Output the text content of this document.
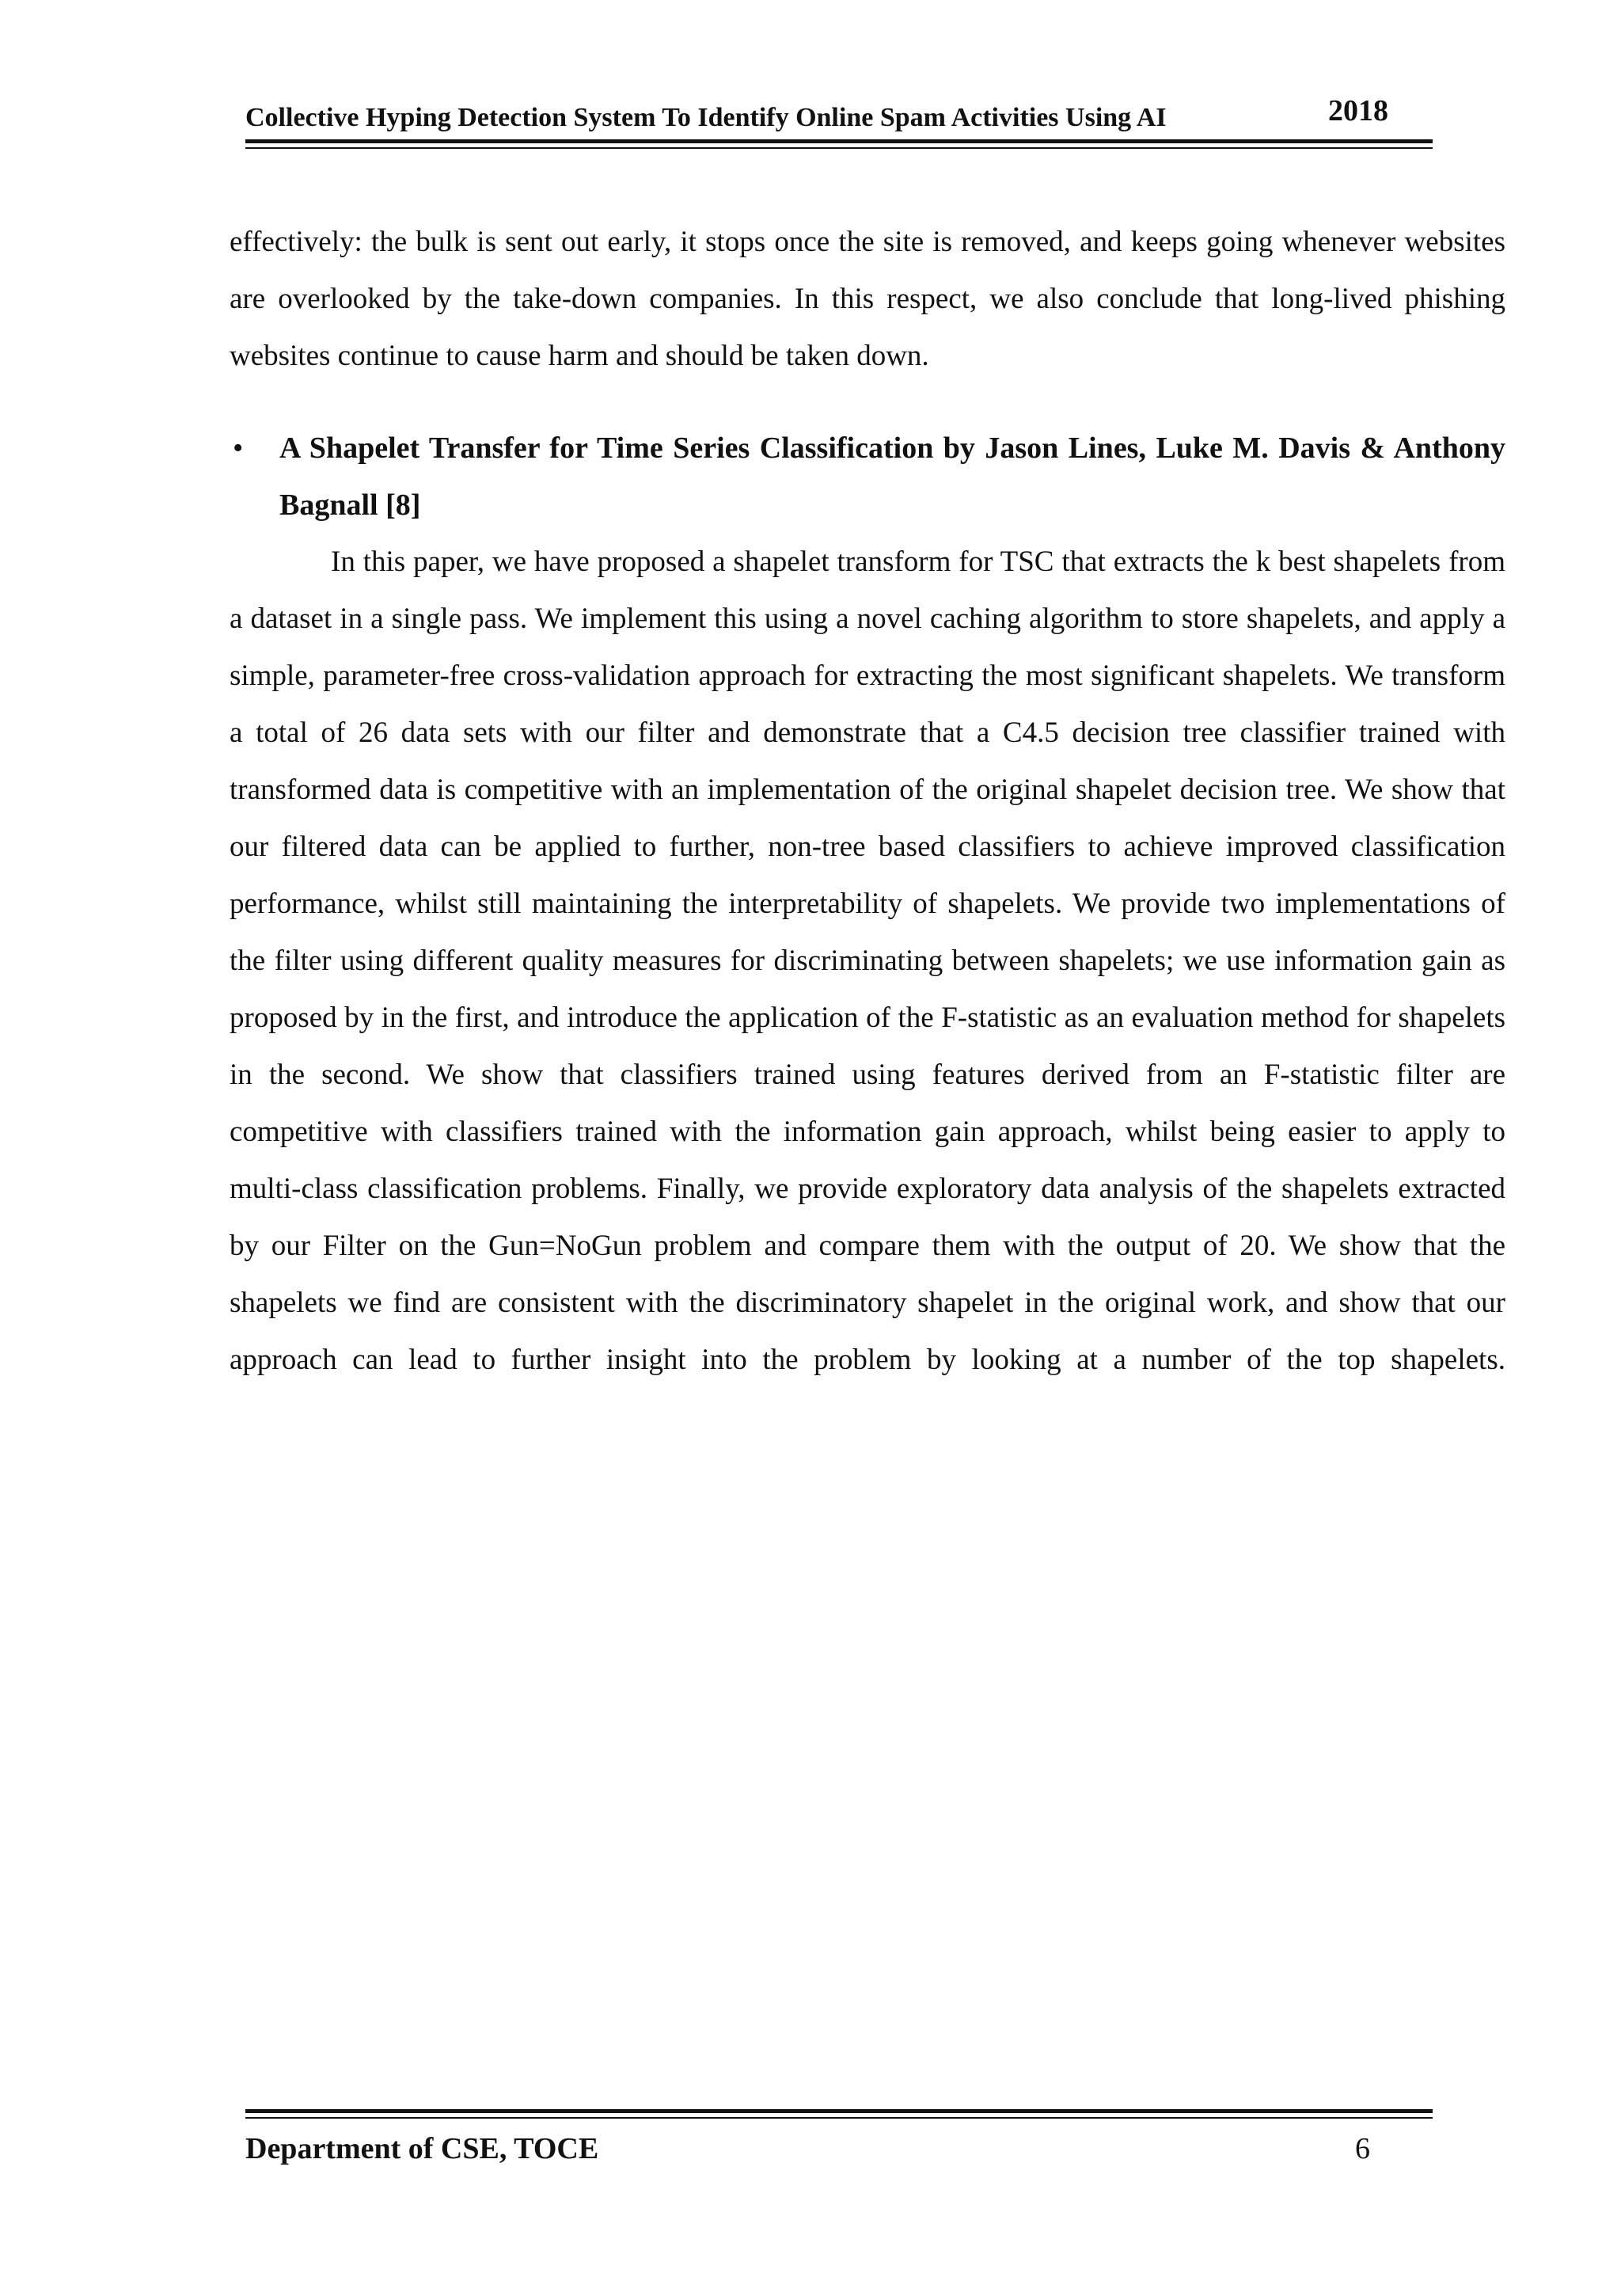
Collective Hyping Detection System To Identify Online Spam Activities Using AI	2018

effectively: the bulk is sent out early, it stops once the site is removed, and keeps going whenever websites are overlooked by the take-down companies. In this respect, we also conclude that long-lived phishing websites continue to cause harm and should be taken down.

• A Shapelet Transfer for Time Series Classification by Jason Lines, Luke M. Davis & Anthony Bagnall [8]

In this paper, we have proposed a shapelet transform for TSC that extracts the k best shapelets from a dataset in a single pass. We implement this using a novel caching algorithm to store shapelets, and apply a simple, parameter-free cross-validation approach for extracting the most significant shapelets. We transform a total of 26 data sets with our filter and demonstrate that a C4.5 decision tree classifier trained with transformed data is competitive with an implementation of the original shapelet decision tree. We show that our filtered data can be applied to further, non-tree based classifiers to achieve improved classification performance, whilst still maintaining the interpretability of shapelets. We provide two implementations of the filter using different quality measures for discriminating between shapelets; we use information gain as proposed by in the first, and introduce the application of the F-statistic as an evaluation method for shapelets in the second. We show that classifiers trained using features derived from an F-statistic filter are competitive with classifiers trained with the information gain approach, whilst being easier to apply to multi-class classification problems. Finally, we provide exploratory data analysis of the shapelets extracted by our Filter on the Gun=NoGun problem and compare them with the output of 20. We show that the shapelets we find are consistent with the discriminatory shapelet in the original work, and show that our approach can lead to further insight into the problem by looking at a number of the top shapelets.

Department of CSE, TOCE	6
